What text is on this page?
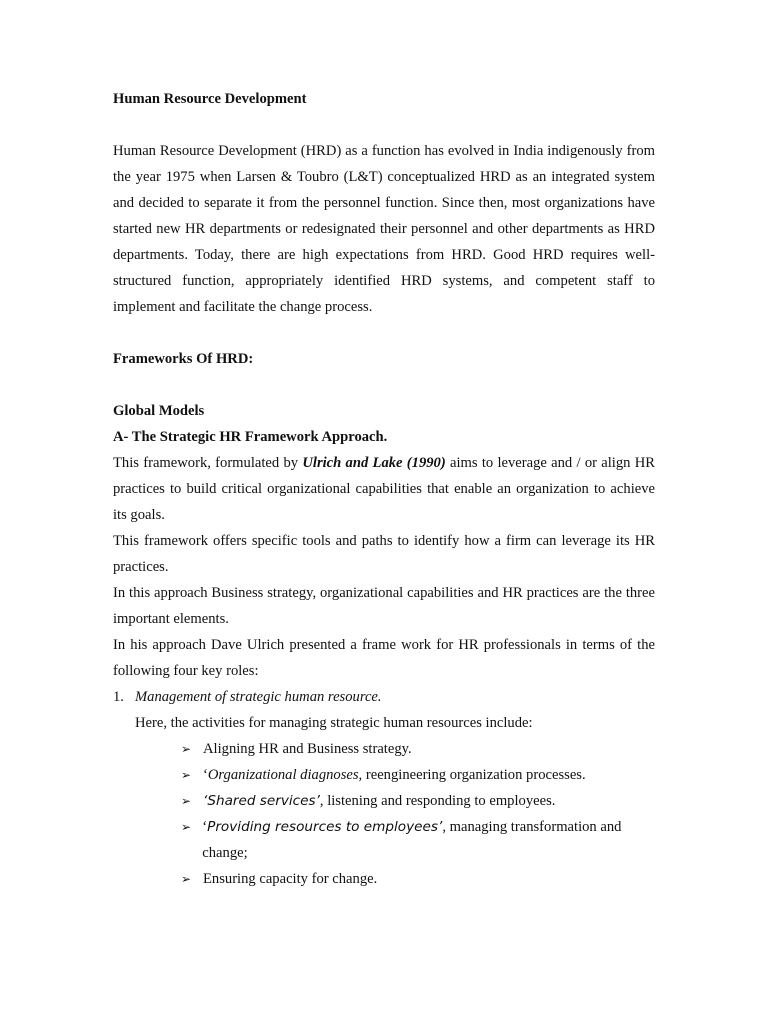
Human Resource Development

Human Resource Development (HRD) as a function has evolved in India indigenously from the year 1975 when Larsen & Toubro (L&T) conceptualized HRD as an integrated system and decided to separate it from the personnel function. Since then, most organizations have started new HR departments or redesignated their personnel and other departments as HRD departments. Today, there are high expectations from HRD. Good HRD requires well-structured function, appropriately identified HRD systems, and competent staff to implement and facilitate the change process.

Frameworks Of HRD:

Global Models

A- The Strategic HR Framework Approach.

This framework, formulated by Ulrich and Lake (1990) aims to leverage and / or align HR practices to build critical organizational capabilities that enable an organization to achieve its goals.

This framework offers specific tools and paths to identify how a firm can leverage its HR practices.

In this approach Business strategy, organizational capabilities and HR practices are the three important elements.

In his approach Dave Ulrich presented a frame work for HR professionals in terms of the following four key roles:

1. Management of strategic human resource.
Here, the activities for managing strategic human resources include:
➢ Aligning HR and Business strategy.
➢ ‘Organizational diagnoses, reengineering organization processes.
➢ ‘Shared services’, listening and responding to employees.
➢ ‘Providing resources to employees’, managing transformation and change;
➢ Ensuring capacity for change.
